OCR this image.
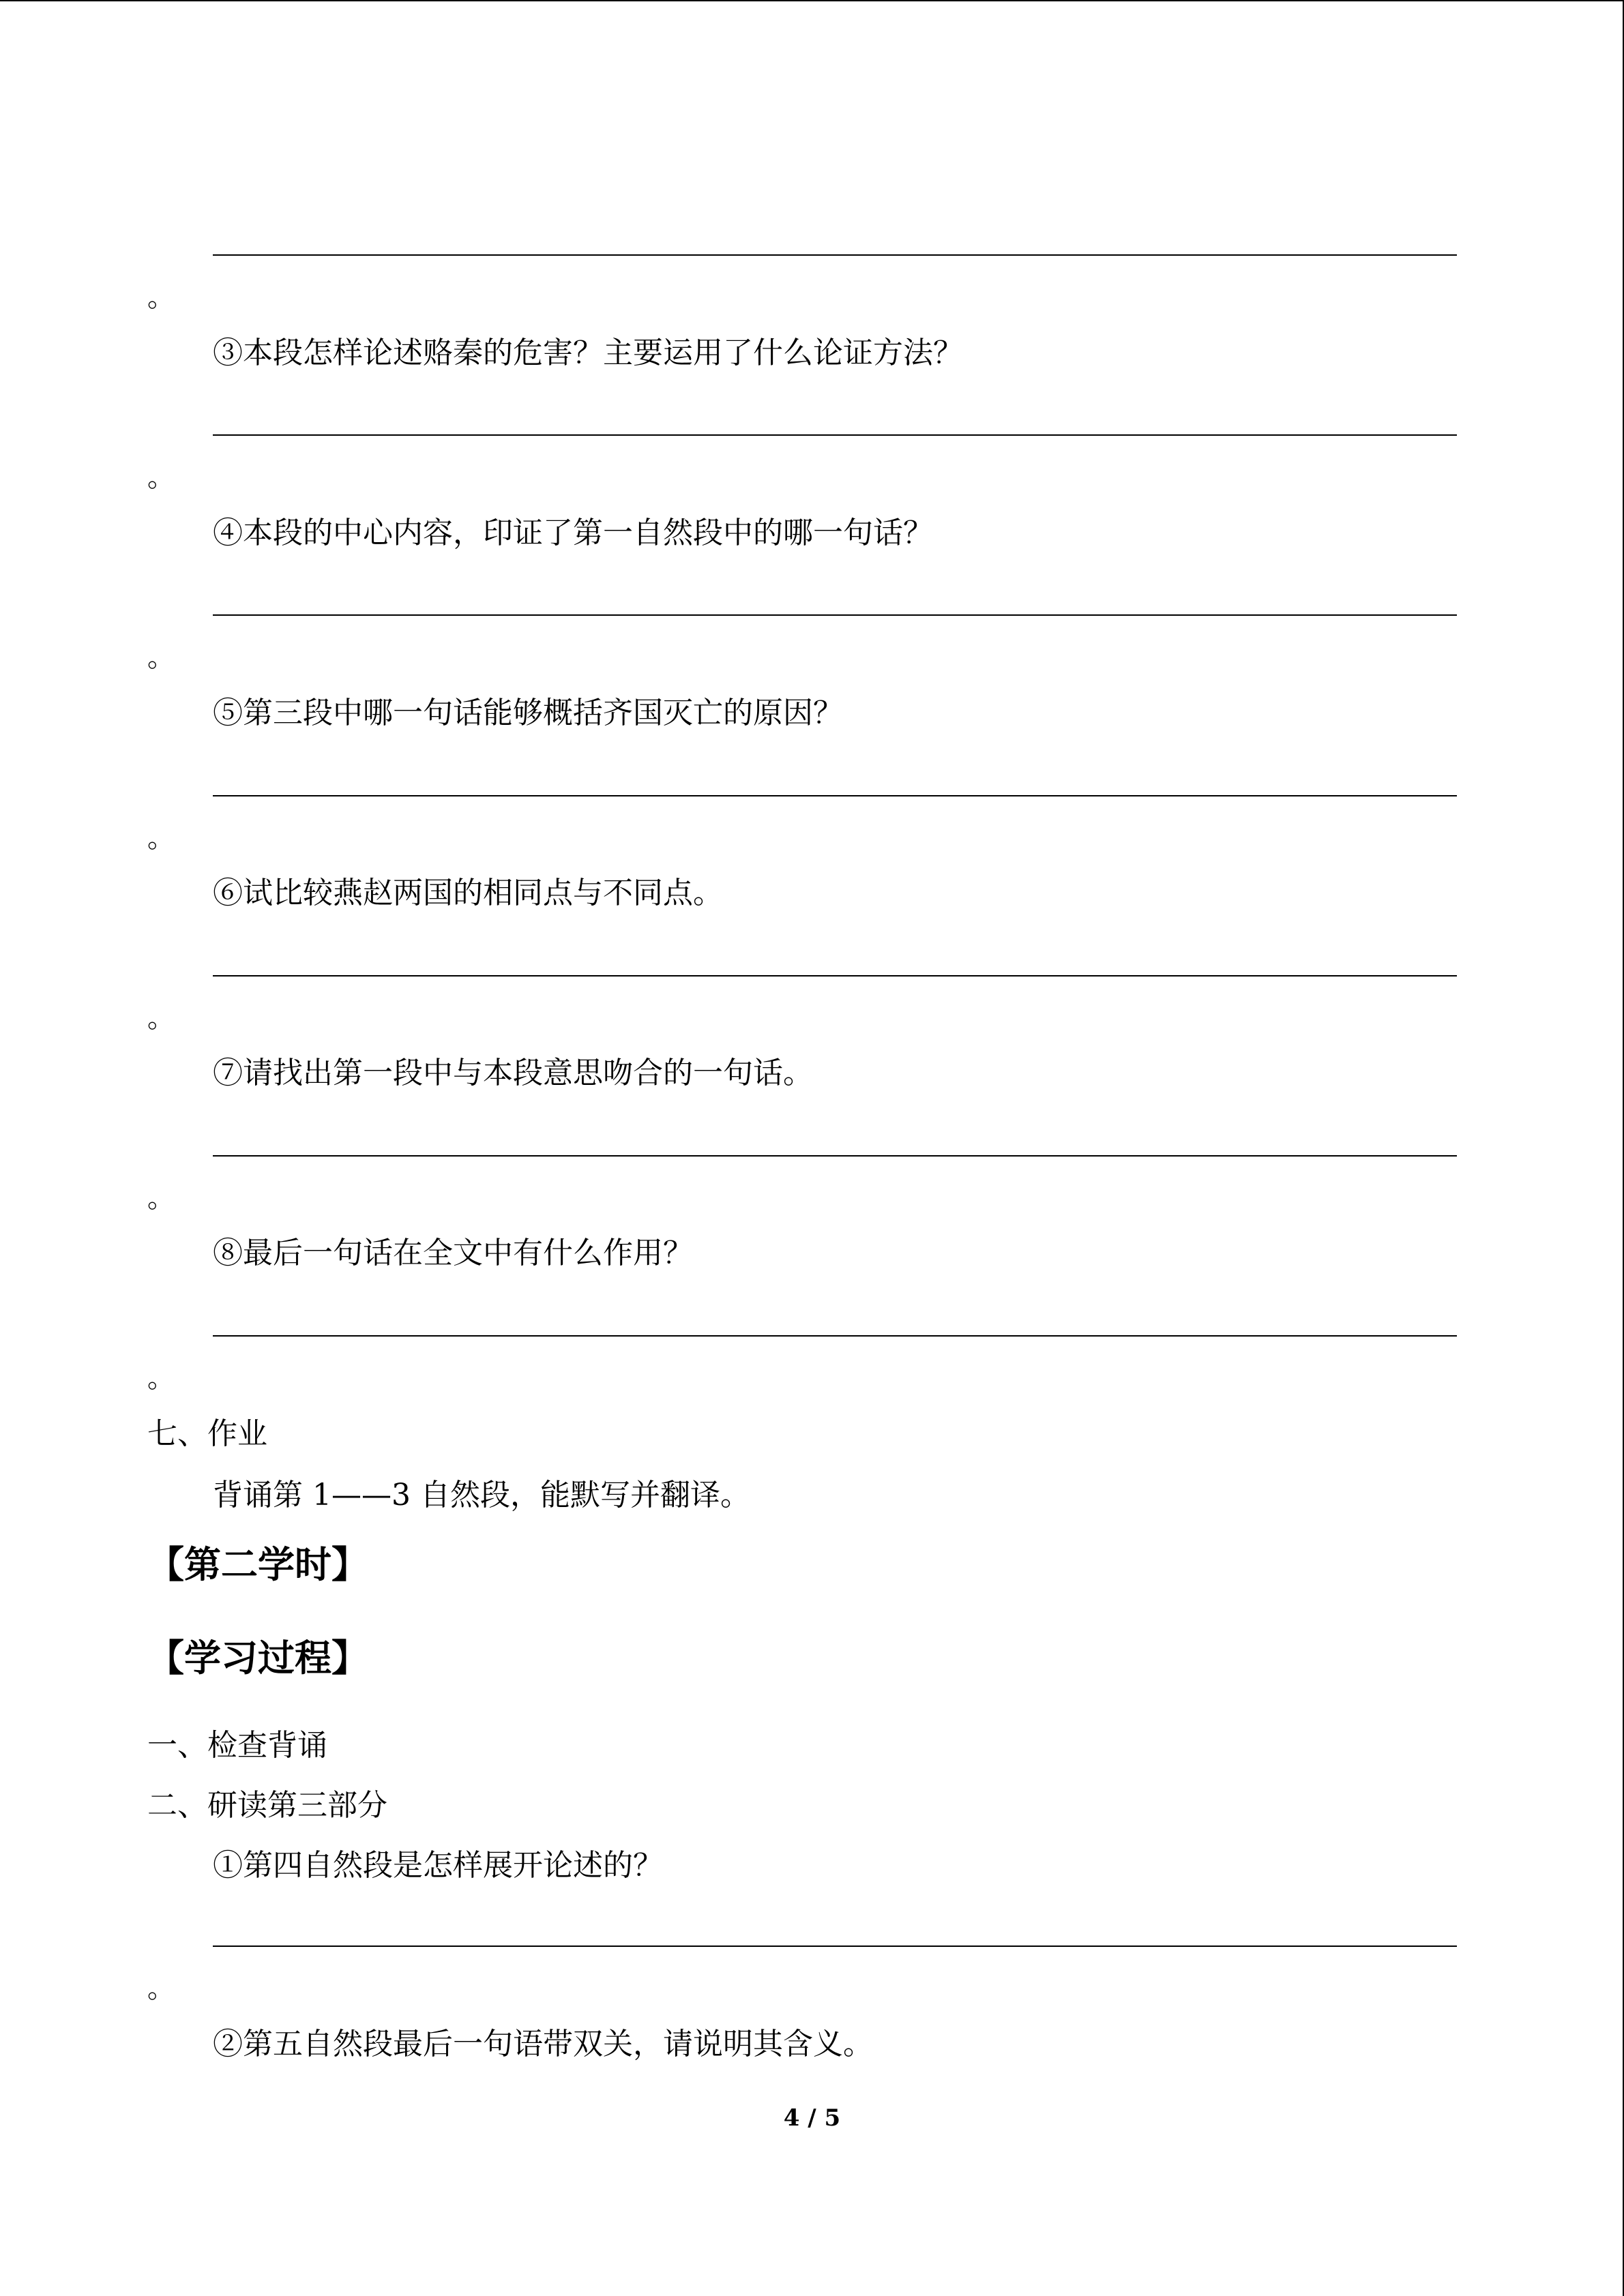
。
③本段怎样论述赂秦的危害？主要运用了什么论证方法？
。
④本段的中心内容，印证了第一自然段中的哪一句话？
。
⑤第三段中哪一句话能够概括齐国灭亡的原因？
。
⑥试比较燕赵两国的相同点与不同点。
。
⑦请找出第一段中与本段意思吻合的一句话。
。
⑧最后一句话在全文中有什么作用？
。
七、作业
背诵第 1——3 自然段，能默写并翻译。
【第二学时】
【学习过程】
一、检查背诵
二、研读第三部分
①第四自然段是怎样展开论述的？
。
②第五自然段最后一句语带双关，请说明其含义。
4 / 5
